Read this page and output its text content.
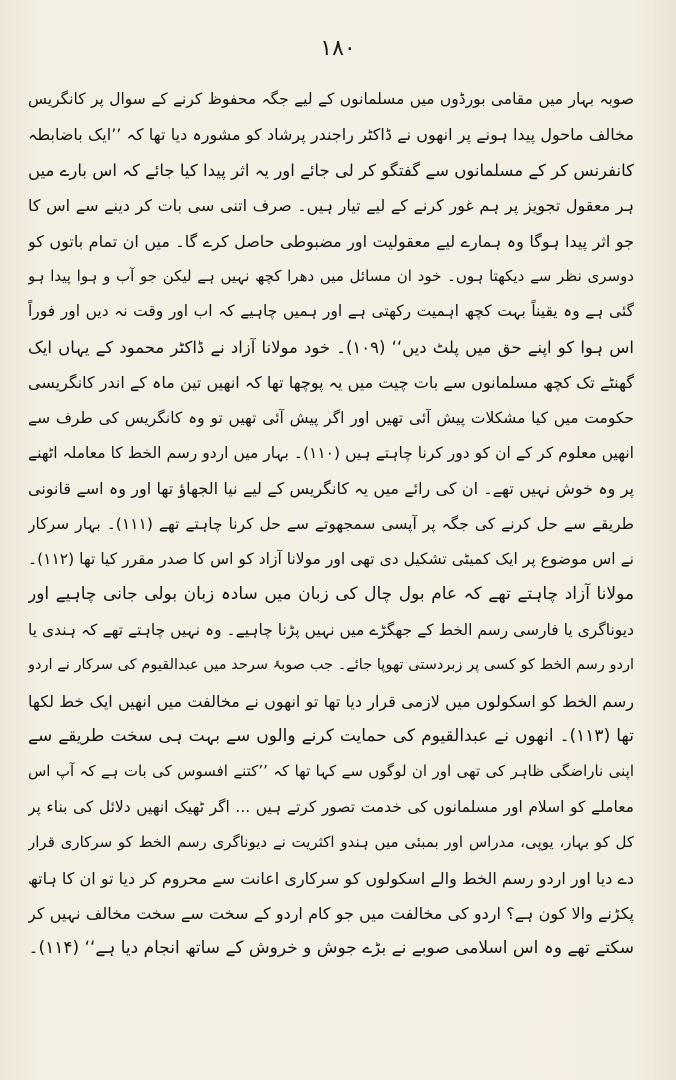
۱۸۰
صوبہ بہار میں مقامی بورڈوں میں مسلمانوں کے لیے جگہ محفوظ کرنے کے سوال پر کانگریس
مخالف ماحول پیدا ہونے پر انھوں نے ڈاکٹر راجندر پرشاد کو مشورہ دیا تھا کہ ’’ایک باضابطہ
کانفرنس کر کے مسلمانوں سے گفتگو کر لی جائے اور یہ اثر پیدا کیا جائے کہ اس بارے میں
ہر معقول تجویز پر ہم غور کرنے کے لیے تیار ہیں۔ صرف اتنی سی بات کر دینے سے اس کا
جو اثر پیدا ہوگا وہ ہمارے لیے معقولیت اور مضبوطی حاصل کرے گا۔ میں ان تمام باتوں کو
دوسری نظر سے دیکھتا ہوں۔ خود ان مسائل میں دھرا کچھ نہیں ہے لیکن جو آب و ہوا پیدا ہو
گئی ہے وہ یقیناً بہت کچھ اہمیت رکھتی ہے اور ہمیں چاہیے کہ اب اور وقت نہ دیں اور فوراً
اس ہوا کو اپنے حق میں پلٹ دیں‘‘ (۱۰۹)۔ خود مولانا آزاد نے ڈاکٹر محمود کے یہاں ایک
گھنٹے تک کچھ مسلمانوں سے بات چیت میں یہ پوچھا تھا کہ انھیں تین ماہ کے اندر کانگریسی
حکومت میں کیا مشکلات پیش آئی تھیں اور اگر پیش آئی تھیں تو وہ کانگریس کی طرف سے
انھیں معلوم کر کے ان کو دور کرنا چاہتے ہیں (۱۱۰)۔ بہار میں اردو رسم الخط کا معاملہ اٹھنے
پر وہ خوش نہیں تھے۔ ان کی رائے میں یہ کانگریس کے لیے نیا الجھاؤ تھا اور وہ اسے قانونی
طریقے سے حل کرنے کی جگہ پر آپسی سمجھوتے سے حل کرنا چاہتے تھے (۱۱۱)۔ بہار سرکار
نے اس موضوع پر ایک کمیٹی تشکیل دی تھی اور مولانا آزاد کو اس کا صدر مقرر کیا تھا (۱۱۲)۔
مولانا آزاد چاہتے تھے کہ عام بول چال کی زبان میں سادہ زبان بولی جانی چاہیے اور
دیوناگری یا فارسی رسم الخط کے جھگڑے میں نہیں پڑنا چاہیے۔ وہ نہیں چاہتے تھے کہ ہندی یا
اردو رسم الخط کو کسی پر زبردستی تھوپا جائے۔ جب صوبۂ سرحد میں عبدالقیوم کی سرکار نے اردو
رسم الخط کو اسکولوں میں لازمی قرار دیا تھا تو انھوں نے مخالفت میں انھیں ایک خط لکھا
تھا (۱۱۳)۔ انھوں نے عبدالقیوم کی حمایت کرنے والوں سے بہت ہی سخت طریقے سے
اپنی ناراضگی ظاہر کی تھی اور ان لوگوں سے کہا تھا کہ ’’کتنے افسوس کی بات ہے کہ آپ اس
معاملے کو اسلام اور مسلمانوں کی خدمت تصور کرتے ہیں ... اگر ٹھیک انھیں دلائل کی بناء پر
کل کو بہار، یوپی، مدراس اور بمبئی میں ہندو اکثریت نے دیوناگری رسم الخط کو سرکاری قرار
دے دیا اور اردو رسم الخط والے اسکولوں کو سرکاری اعانت سے محروم کر دیا تو ان کا ہاتھ
پکڑنے والا کون ہے؟ اردو کی مخالفت میں جو کام اردو کے سخت سے سخت مخالف نہیں کر
سکتے تھے وہ اس اسلامی صوبے نے بڑے جوش و خروش کے ساتھ انجام دیا ہے‘‘ (۱۱۴)۔
